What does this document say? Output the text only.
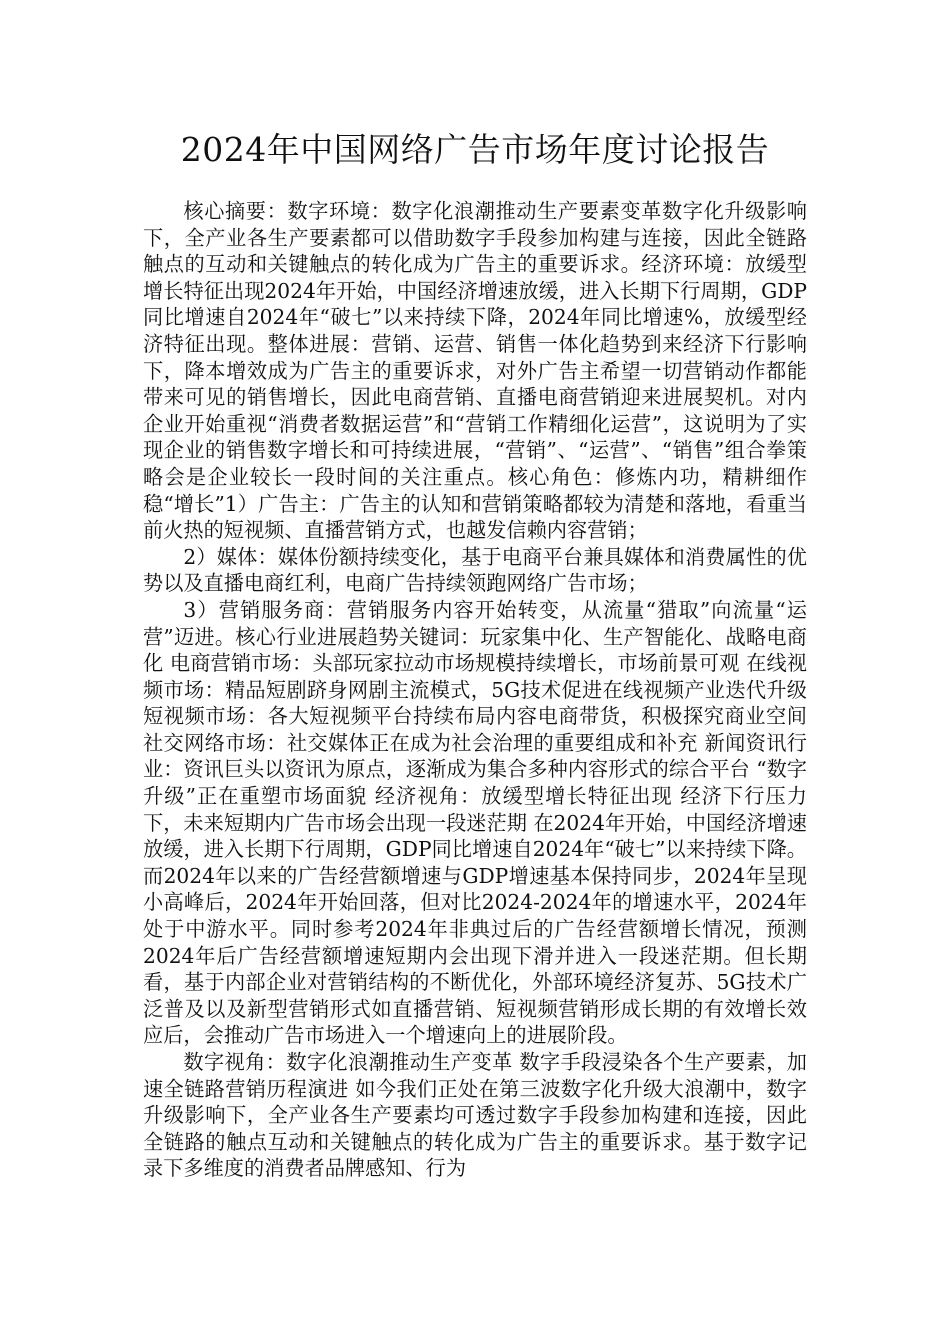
2024年中国网络广告市场年度讨论报告

核心摘要：数字环境：数字化浪潮推动生产要素变革数字化升级影响下，全产业各生产要素都可以借助数字手段参加构建与连接，因此全链路触点的互动和关键触点的转化成为广告主的重要诉求。经济环境：放缓型增长特征出现2024年开始，中国经济增速放缓，进入长期下行周期，GDP同比增速自2024年“破七”以来持续下降，2024年同比增速%，放缓型经济特征出现。整体进展：营销、运营、销售一体化趋势到来经济下行影响下，降本增效成为广告主的重要诉求，对外广告主希望一切营销动作都能带来可见的销售增长，因此电商营销、直播电商营销迎来进展契机。对内企业开始重视“消费者数据运营”和“营销工作精细化运营”，这说明为了实现企业的销售数字增长和可持续进展，“营销”、“运营”、“销售”组合拳策略会是企业较长一段时间的关注重点。核心角色：修炼内功，精耕细作稳“增长”1）广告主：广告主的认知和营销策略都较为清楚和落地，看重当前火热的短视频、直播营销方式，也越发信赖内容营销；

2）媒体：媒体份额持续变化，基于电商平台兼具媒体和消费属性的优势以及直播电商红利，电商广告持续领跑网络广告市场；

3）营销服务商：营销服务内容开始转变，从流量“猎取”向流量“运营”迈进。核心行业进展趋势关键词：玩家集中化、生产智能化、战略电商化 电商营销市场：头部玩家拉动市场规模持续增长，市场前景可观 在线视频市场：精品短剧跻身网剧主流模式，5G技术促进在线视频产业迭代升级 短视频市场：各大短视频平台持续布局内容电商带货，积极探究商业空间 社交网络市场：社交媒体正在成为社会治理的重要组成和补充 新闻资讯行业：资讯巨头以资讯为原点，逐渐成为集合多种内容形式的综合平台 “数字升级”正在重塑市场面貌 经济视角：放缓型增长特征出现 经济下行压力下，未来短期内广告市场会出现一段迷茫期 在2024年开始，中国经济增速放缓，进入长期下行周期，GDP同比增速自2024年“破七”以来持续下降。而2024年以来的广告经营额增速与GDP增速基本保持同步，2024年呈现小高峰后，2024年开始回落，但对比2024-2024年的增速水平，2024年处于中游水平。同时参考2024年非典过后的广告经营额增长情况，预测2024年后广告经营额增速短期内会出现下滑并进入一段迷茫期。但长期看，基于内部企业对营销结构的不断优化，外部环境经济复苏、5G技术广泛普及以及新型营销形式如直播营销、短视频营销形成长期的有效增长效应后，会推动广告市场进入一个增速向上的进展阶段。

数字视角：数字化浪潮推动生产变革 数字手段浸染各个生产要素，加速全链路营销历程演进 如今我们正处在第三波数字化升级大浪潮中，数字升级影响下，全产业各生产要素均可透过数字手段参加构建和连接，因此全链路的触点互动和关键触点的转化成为广告主的重要诉求。基于数字记录下多维度的消费者品牌感知、行为
